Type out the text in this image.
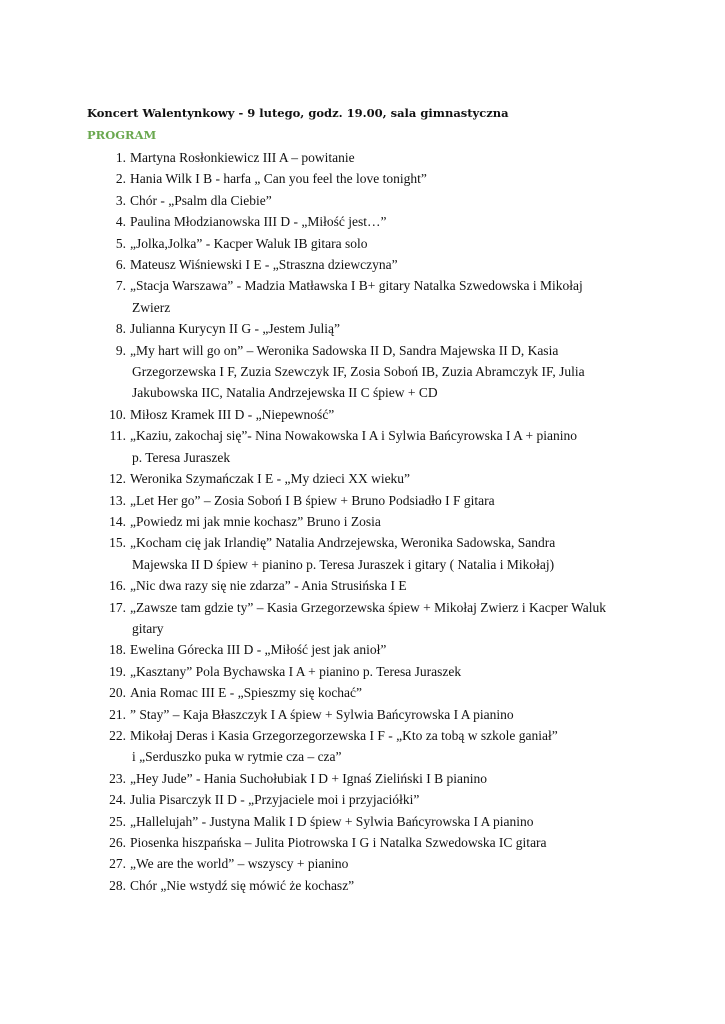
Koncert Walentynkowy - 9 lutego, godz. 19.00, sala gimnastyczna
PROGRAM
1. Martyna Rosłonkiewicz III A – powitanie
2. Hania Wilk I B - harfa „ Can you feel the love tonight”
3. Chór - „Psalm dla Ciebie”
4. Paulina Młodzianowska III D - „Miłość jest…”
5. „Jolka,Jolka” - Kacper Waluk IB gitara solo
6. Mateusz Wiśniewski I E - „Straszna dziewczyna”
7. „Stacja Warszawa” - Madzia Matławska I B+ gitary Natalka Szwedowska i Mikołaj
Zwierz
8. Julianna Kurycyn II G - „Jestem Julią”
9. „My hart will go on” – Weronika Sadowska II D, Sandra Majewska II D, Kasia
Grzegorzewska I F, Zuzia Szewczyk IF, Zosia Soboń IB, Zuzia Abramczyk IF, Julia
Jakubowska IIC, Natalia Andrzejewska II C śpiew + CD
10. Miłosz Kramek III D - „Niepewność”
11. „Kaziu, zakochaj się”- Nina Nowakowska I A i Sylwia Bańcyrowska I A + pianino
p. Teresa Juraszek
12. Weronika Szymańczak I E - „My dzieci XX wieku”
13. „Let Her go” – Zosia Soboń I B śpiew + Bruno Podsiadło I F gitara
14. „Powiedz mi jak mnie kochasz” Bruno i Zosia
15. „Kocham cię jak Irlandię” Natalia Andrzejewska, Weronika Sadowska, Sandra
Majewska II D śpiew + pianino p. Teresa Juraszek i gitary ( Natalia i Mikołaj)
16. „Nic dwa razy się nie zdarza” - Ania Strusińska I E
17. „Zawsze tam gdzie ty” – Kasia Grzegorzewska śpiew + Mikołaj Zwierz i Kacper Waluk
gitary
18. Ewelina Górecka III D - „Miłość jest jak anioł”
19. „Kasztany” Pola Bychawska I A + pianino p. Teresa Juraszek
20. Ania Romac III E - „Spieszmy się kochać”
21. ” Stay” – Kaja Błaszczyk I A śpiew + Sylwia Bańcyrowska I A pianino
22. Mikołaj Deras i Kasia Grzegorzegorzewska I F - „Kto za tobą w szkole ganiał”
i „Serduszko puka w rytmie cza – cza”
23. „Hey Jude” - Hania Suchołubiak I D + Ignaś Zieliński I B pianino
24. Julia Pisarczyk II D - „Przyjaciele moi i przyjaciółki”
25. „Hallelujah” - Justyna Malik I D śpiew + Sylwia Bańcyrowska I A pianino
26. Piosenka hiszpańska – Julita Piotrowska I G i Natalka Szwedowska IC gitara
27. „We are the world” – wszyscy + pianino
28. Chór „Nie wstydź się mówić że kochasz”
